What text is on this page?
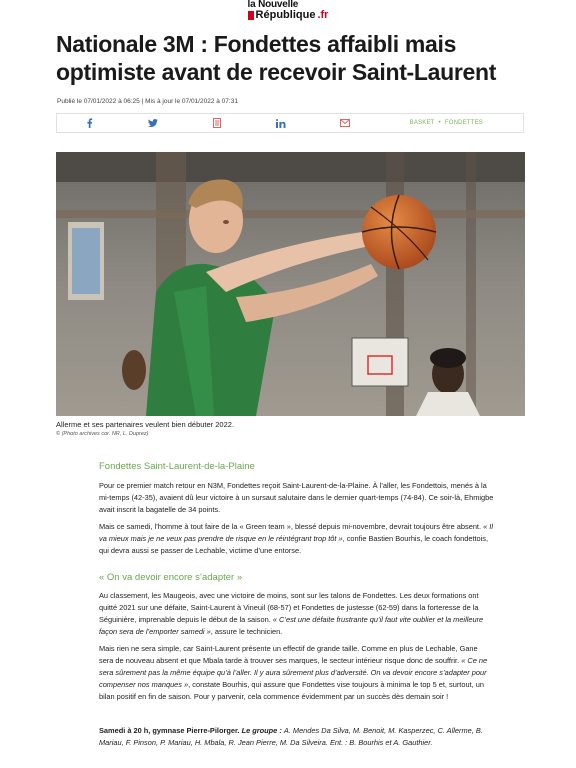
la Nouvelle
République .fr
Nationale 3M : Fondettes affaibli mais optimiste avant de recevoir Saint-Laurent
Publié le 07/01/2022 à 06:25 | Mis à jour le 07/01/2022 à 07:31
BASKET • FONDETTES
Allerme et ses partenaires veulent bien débuter 2022.
© (Photo archives cor. NR, L. Duprez)
Fondettes Saint-Laurent-de-la-Plaine

Pour ce premier match retour en N3M, Fondettes reçoit Saint-Laurent-de-la-Plaine. À l’aller, les Fondettois, menés à la mi-temps (42-35), avaient dû leur victoire à un sursaut salutaire dans le dernier quart-temps (74-84). Ce soir-là, Ehmigbe avait inscrit la bagatelle de 34 points.

Mais ce samedi, l’homme à tout faire de la « Green team », blessé depuis mi-novembre, devrait toujours être absent. « Il va mieux mais je ne veux pas prendre de risque en le réintégrant trop tôt », confie Bastien Bourhis, le coach fondettois, qui devra aussi se passer de Lechable, victime d’une entorse.

« On va devoir encore s’adapter »

Au classement, les Maugeois, avec une victoire de moins, sont sur les talons de Fondettes. Les deux formations ont quitté 2021 sur une défaite, Saint-Laurent à Vineuil (68-57) et Fondettes de justesse (62-59) dans la forteresse de la Séguinière, imprenable depuis le début de la saison. « C’est une défaite frustrante qu’il faut vite oublier et la meilleure façon sera de l’emporter samedi », assure le technicien.

Mais rien ne sera simple, car Saint-Laurent présente un effectif de grande taille. Comme en plus de Lechable, Gane sera de nouveau absent et que Mbala tarde à trouver ses marques, le secteur intérieur risque donc de souffrir. « Ce ne sera sûrement pas la même équipe qu’à l’aller. Il y aura sûrement plus d’adversité. On va devoir encore s’adapter pour compenser nos manques », constate Bourhis, qui assure que Fondettes vise toujours à minima le top 5 et, surtout, un bilan positif en fin de saison. Pour y parvenir, cela commence évidemment par un succès dès demain soir !

Samedi à 20 h, gymnase Pierre-Pilorger. Le groupe : A. Mendes Da Silva, M. Benoit, M. Kasperzec, C. Allerme, B. Mariau, F. Pinson, P. Mariau, H. Mbala, R. Jean Pierre, M. Da Silveira. Ent. : B. Bourhis et A. Gauthier.
